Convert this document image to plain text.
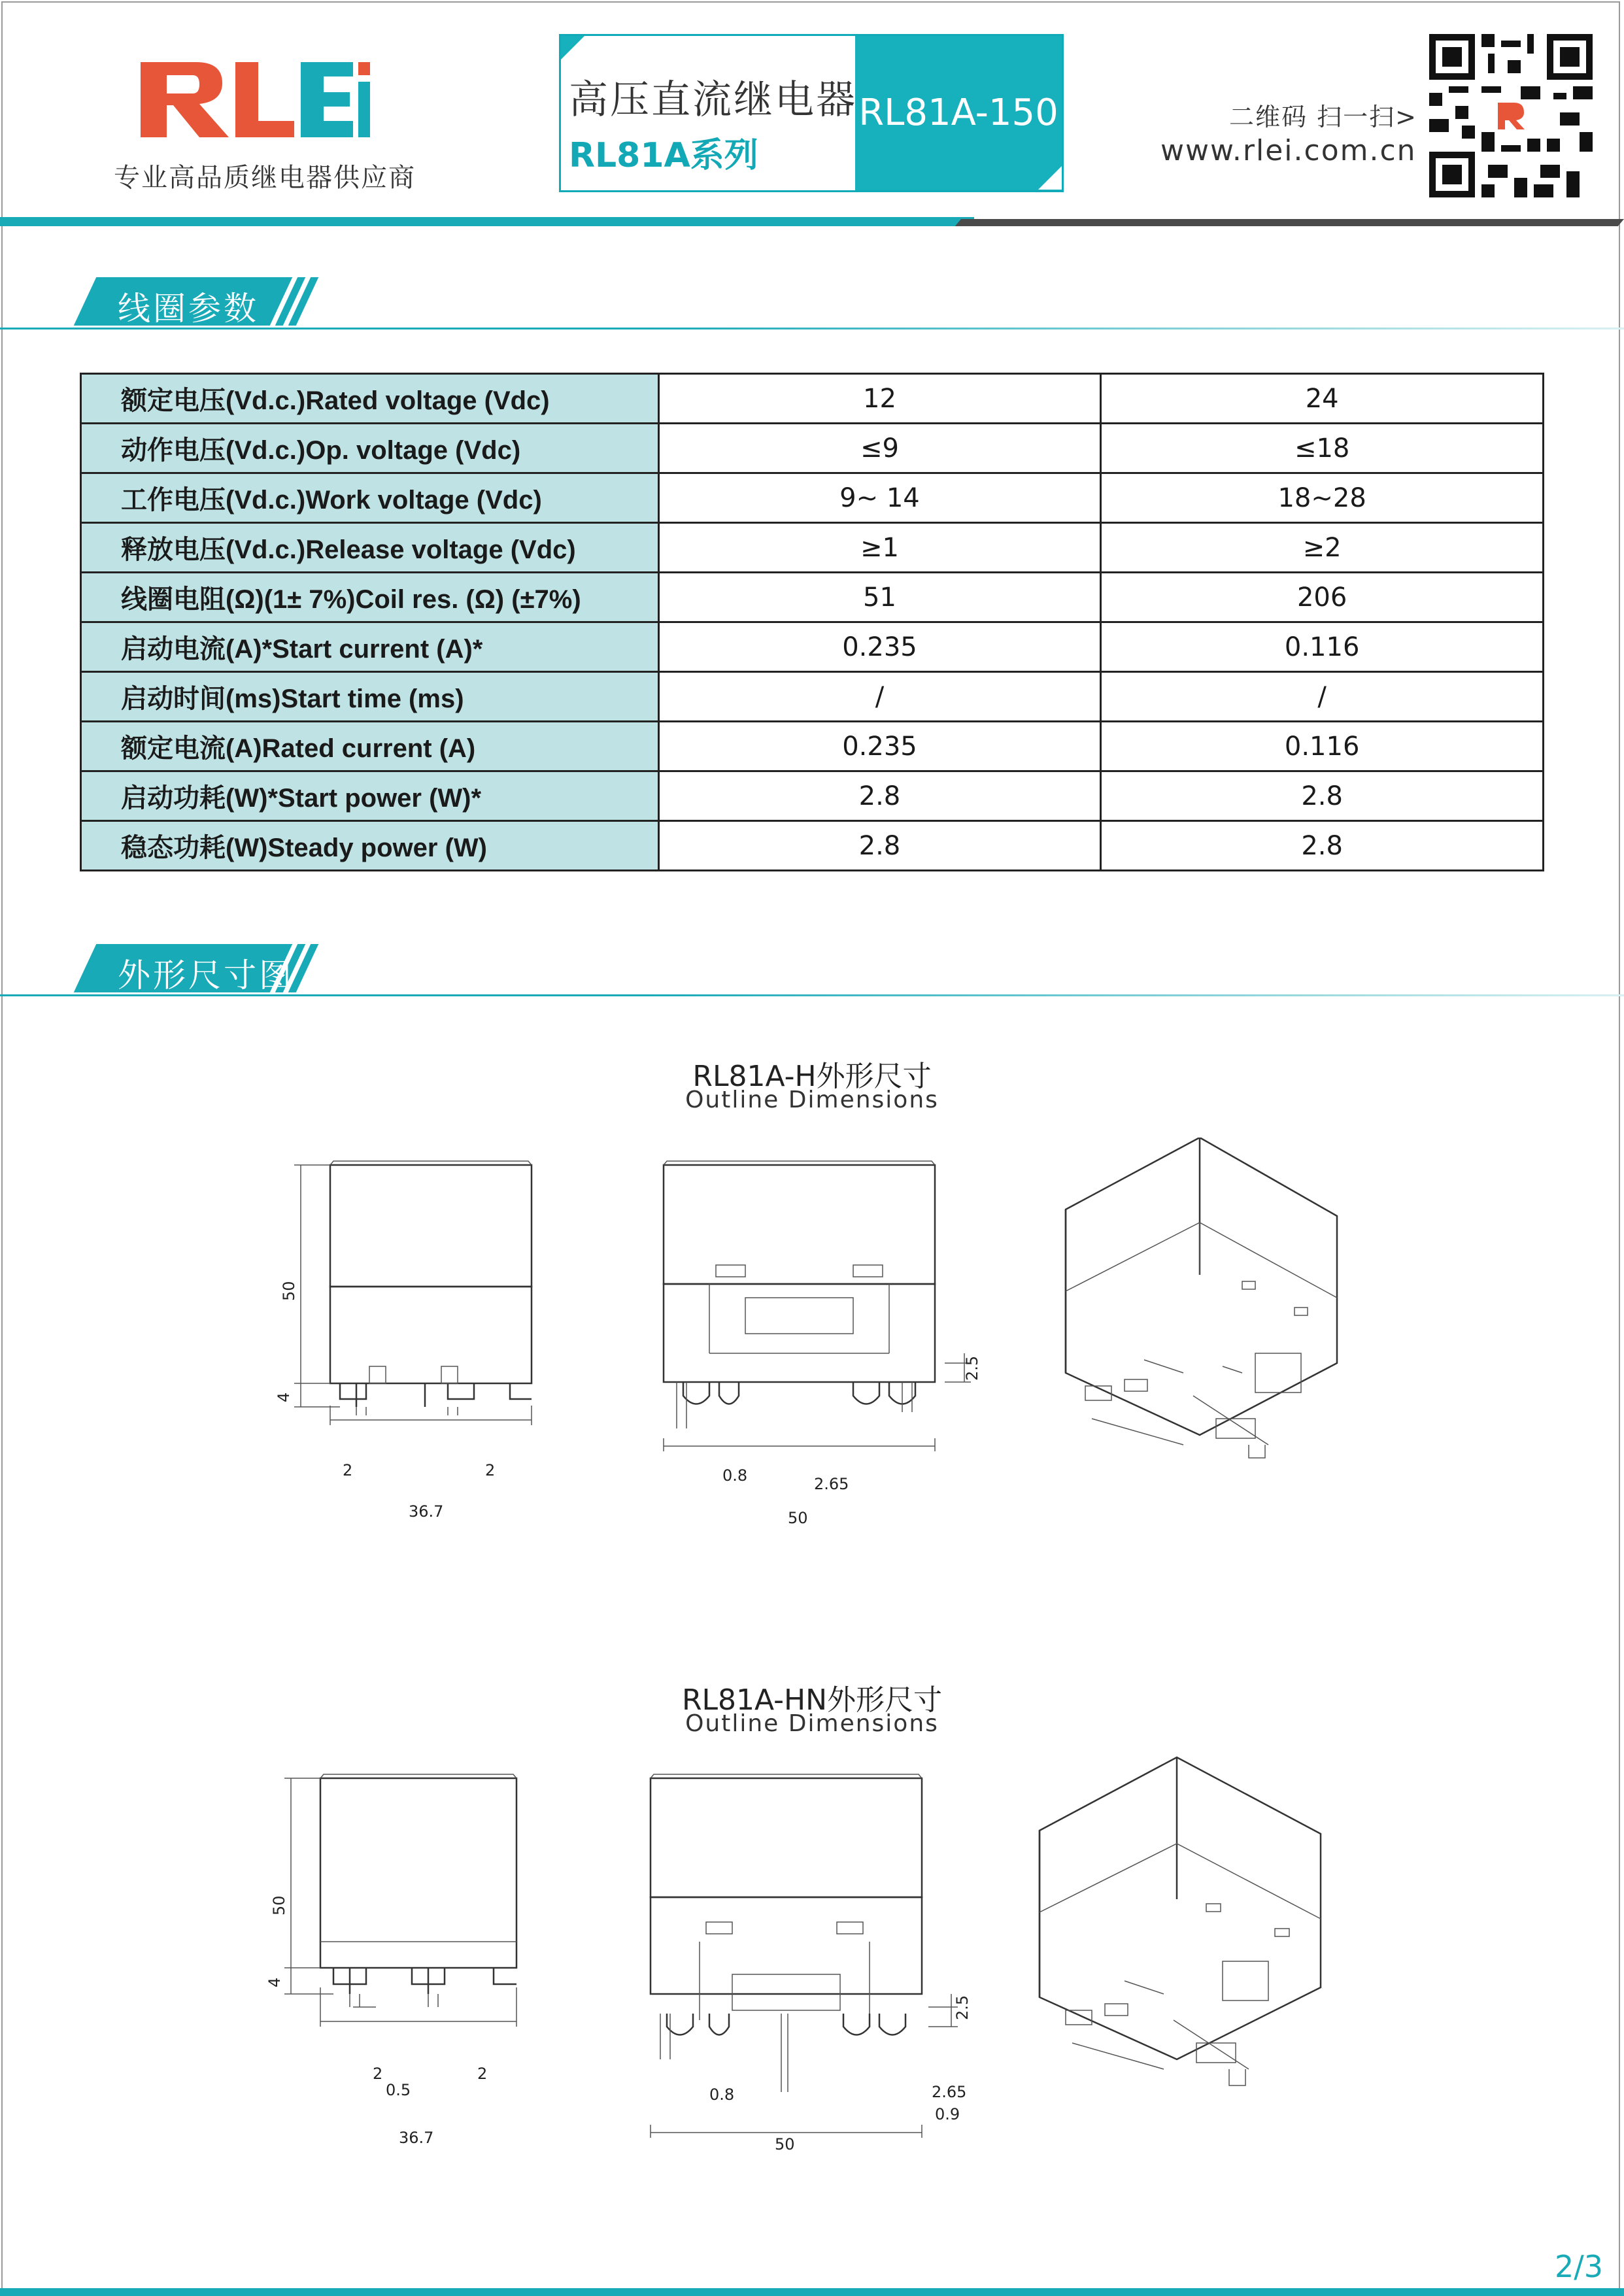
专业高品质继电器供应商
高压直流继电器
RL81A系列
RL81A-150	二维码 扫一扫>
www.rlei.com.cn
线圈参数
额定电压(Vd.c.)Rated voltage (Vdc)	12	24
动作电压(Vd.c.)Op. voltage (Vdc)	≤9	≤18
工作电压(Vd.c.)Work voltage (Vdc)	9~ 14	18~28
释放电压(Vd.c.)Release voltage (Vdc)	≥1	≥2
线圈电阻(Ω)(1± 7%)Coil res. (Ω) (±7%)	51	206
启动电流(A)*Start current (A)*	0.235	0.116
启动时间(ms)Start time (ms)	/	/
额定电流(A)Rated current (A)	0.235	0.116
启动功耗(W)*Start power (W)*	2.8	2.8
稳态功耗(W)Steady power (W)	2.8	2.8
外形尺寸图
RL81A-H外形尺寸
Outline Dimensions
50
4
2	2
36.7
0.8	2.65
50
2.5
RL81A-HN外形尺寸
Outline Dimensions
50
4
2	2
0.5
36.7
0.8	2.65
0.9
50
2.5
2/3
